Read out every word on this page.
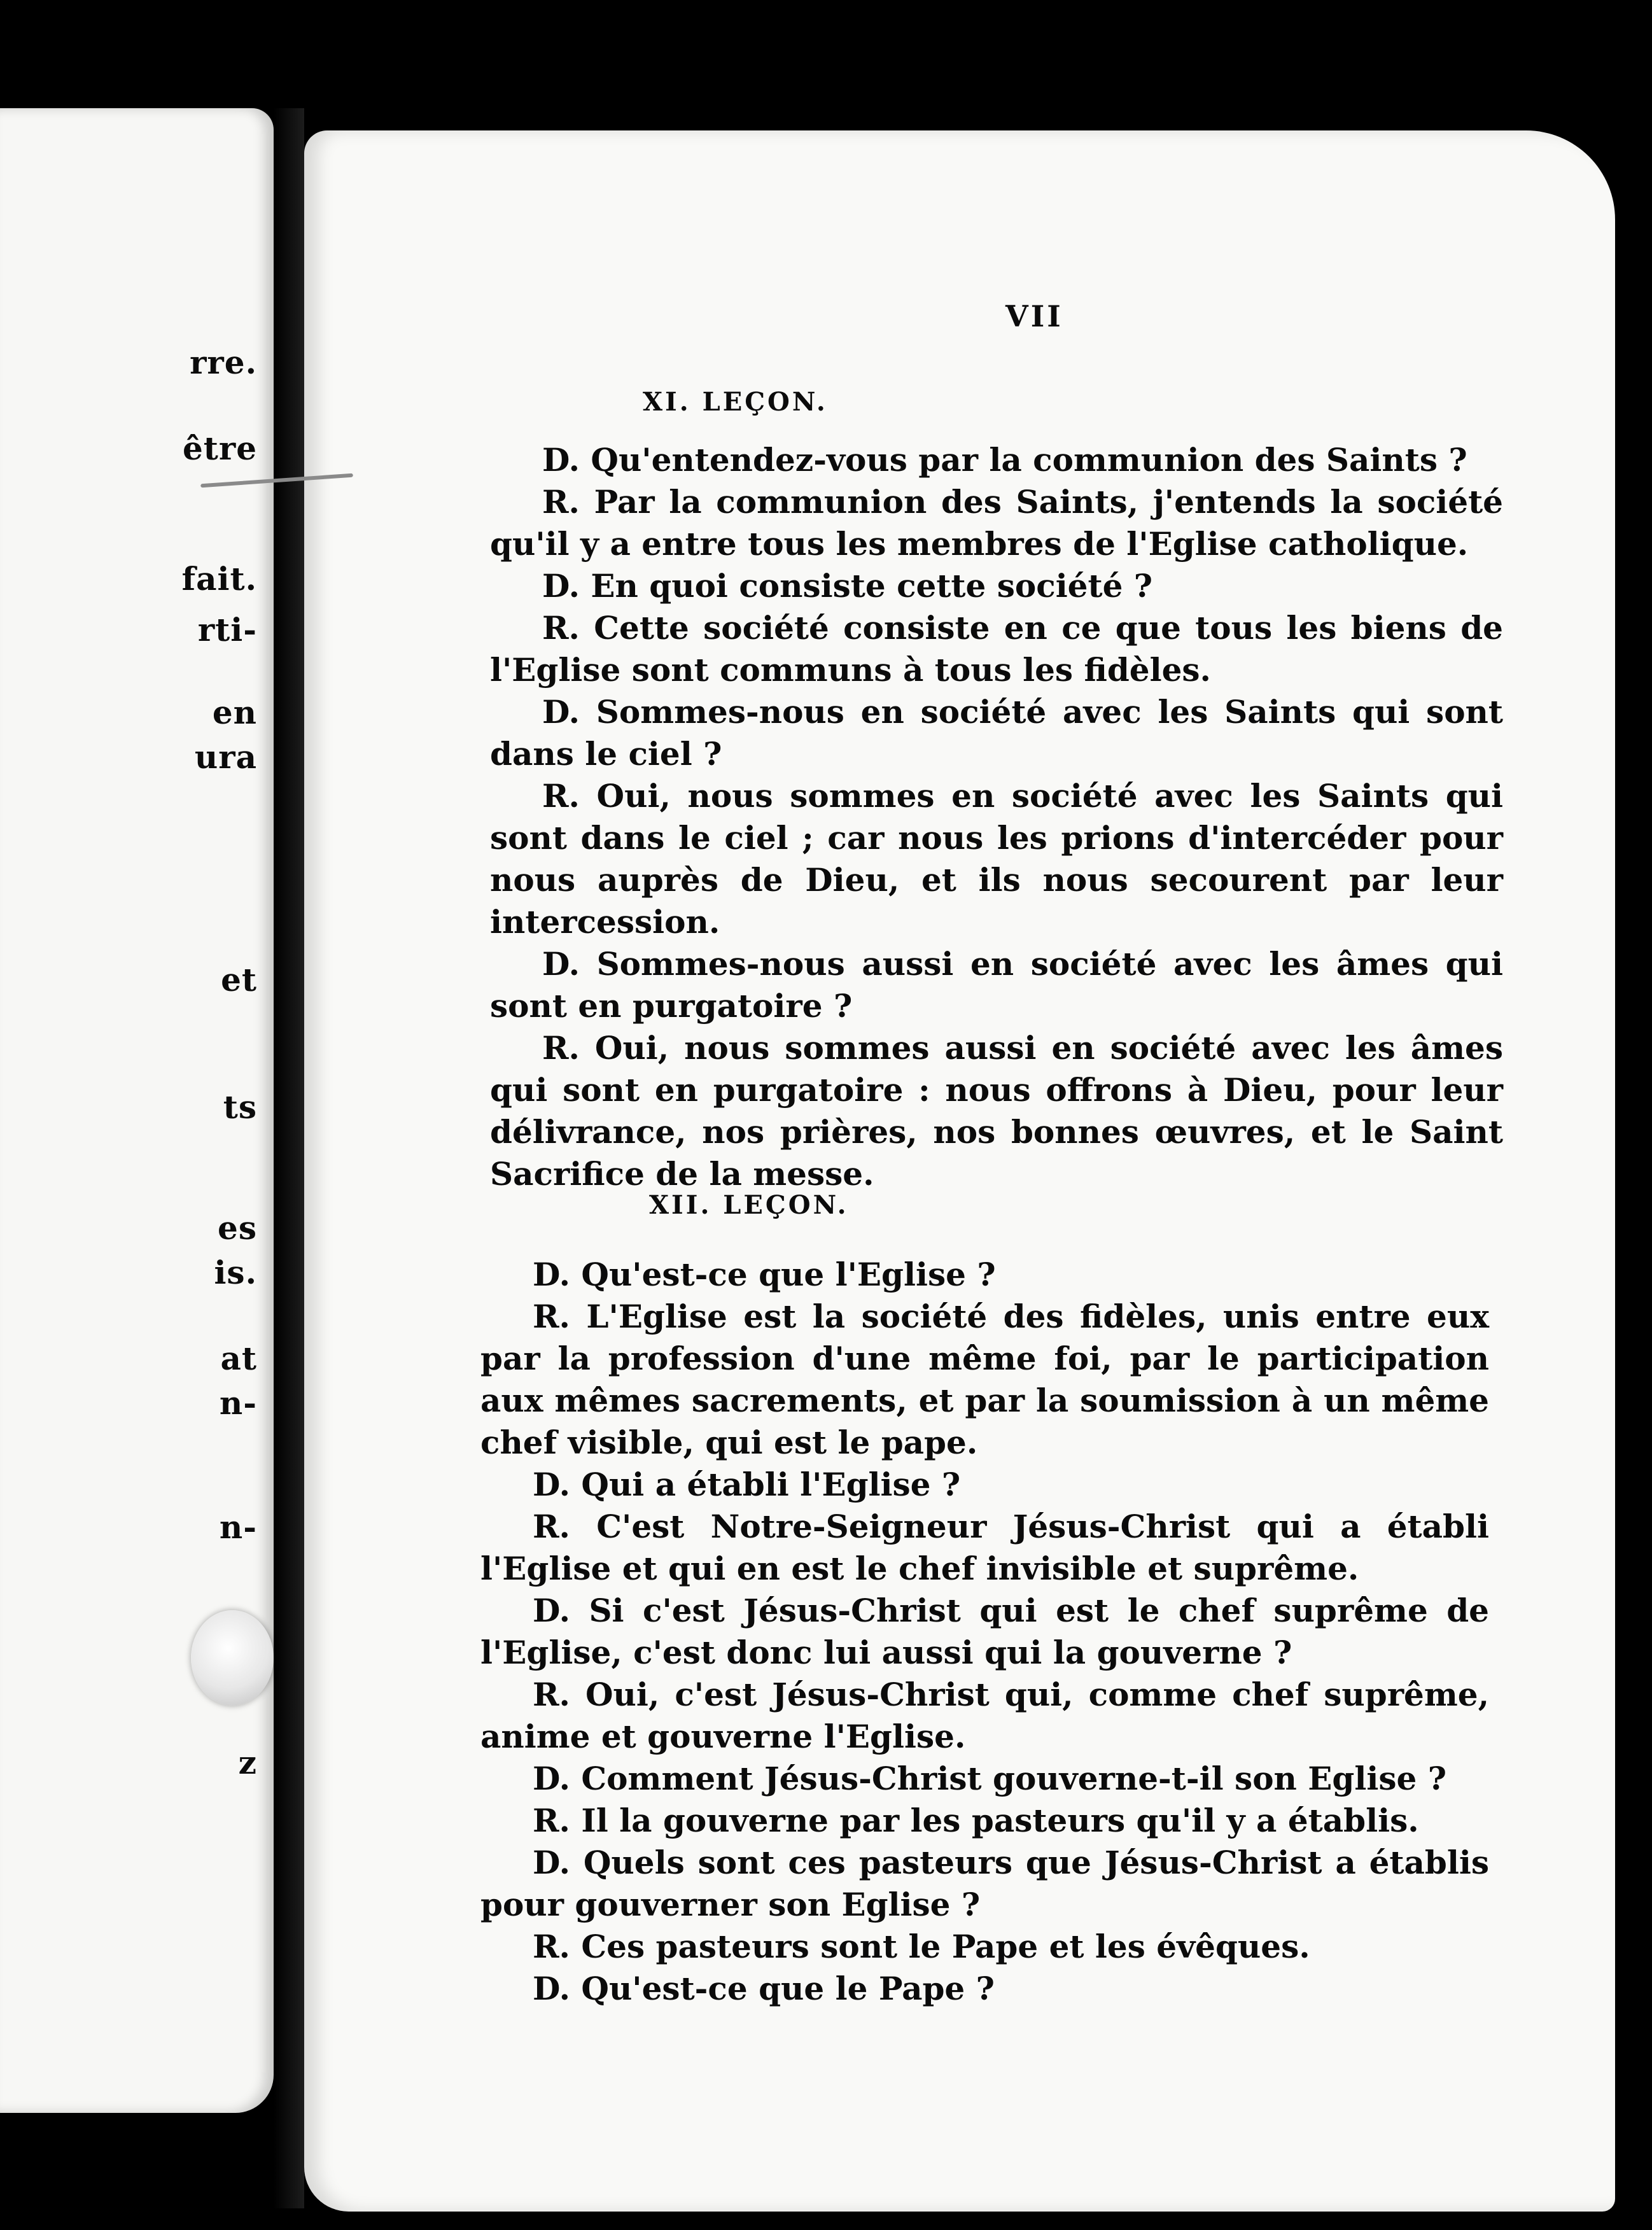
rre.
être
fait.
rti-
en
ura
et
ts
es
is.
at
n-
n-
z
VII
XI. LEÇON.

D. Qu'entendez-vous par la communion des Saints ?

R. Par la communion des Saints, j'entends la société qu'il y a entre tous les membres de l'Eglise catholique.

D. En quoi consiste cette société ?

R. Cette société consiste en ce que tous les biens de l'Eglise sont communs à tous les fidèles.

D. Sommes-nous en société avec les Saints qui sont dans le ciel ?

R. Oui, nous sommes en société avec les Saints qui sont dans le ciel ; car nous les prions d'intercéder pour nous auprès de Dieu, et ils nous secourent par leur intercession.

D. Sommes-nous aussi en société avec les âmes qui sont en purgatoire ?

R. Oui, nous sommes aussi en société avec les âmes qui sont en purgatoire : nous offrons à Dieu, pour leur délivrance, nos prières, nos bonnes œuvres, et le Saint Sacrifice de la messe.

XII. LEÇON.

D. Qu'est-ce que l'Eglise ?

R. L'Eglise est la société des fidèles, unis entre eux par la profession d'une même foi, par le participation aux mêmes sacrements, et par la soumission à un même chef visible, qui est le pape.

D. Qui a établi l'Eglise ?

R. C'est Notre-Seigneur Jésus-Christ qui a établi l'Eglise et qui en est le chef invisible et suprême.

D. Si c'est Jésus-Christ qui est le chef suprême de l'Eglise, c'est donc lui aussi qui la gouverne ?

R. Oui, c'est Jésus-Christ qui, comme chef suprême, anime et gouverne l'Eglise.

D. Comment Jésus-Christ gouverne-t-il son Eglise ?

R. Il la gouverne par les pasteurs qu'il y a établis.

D. Quels sont ces pasteurs que Jésus-Christ a établis pour gouverner son Eglise ?

R. Ces pasteurs sont le Pape et les évêques.

D. Qu'est-ce que le Pape ?
